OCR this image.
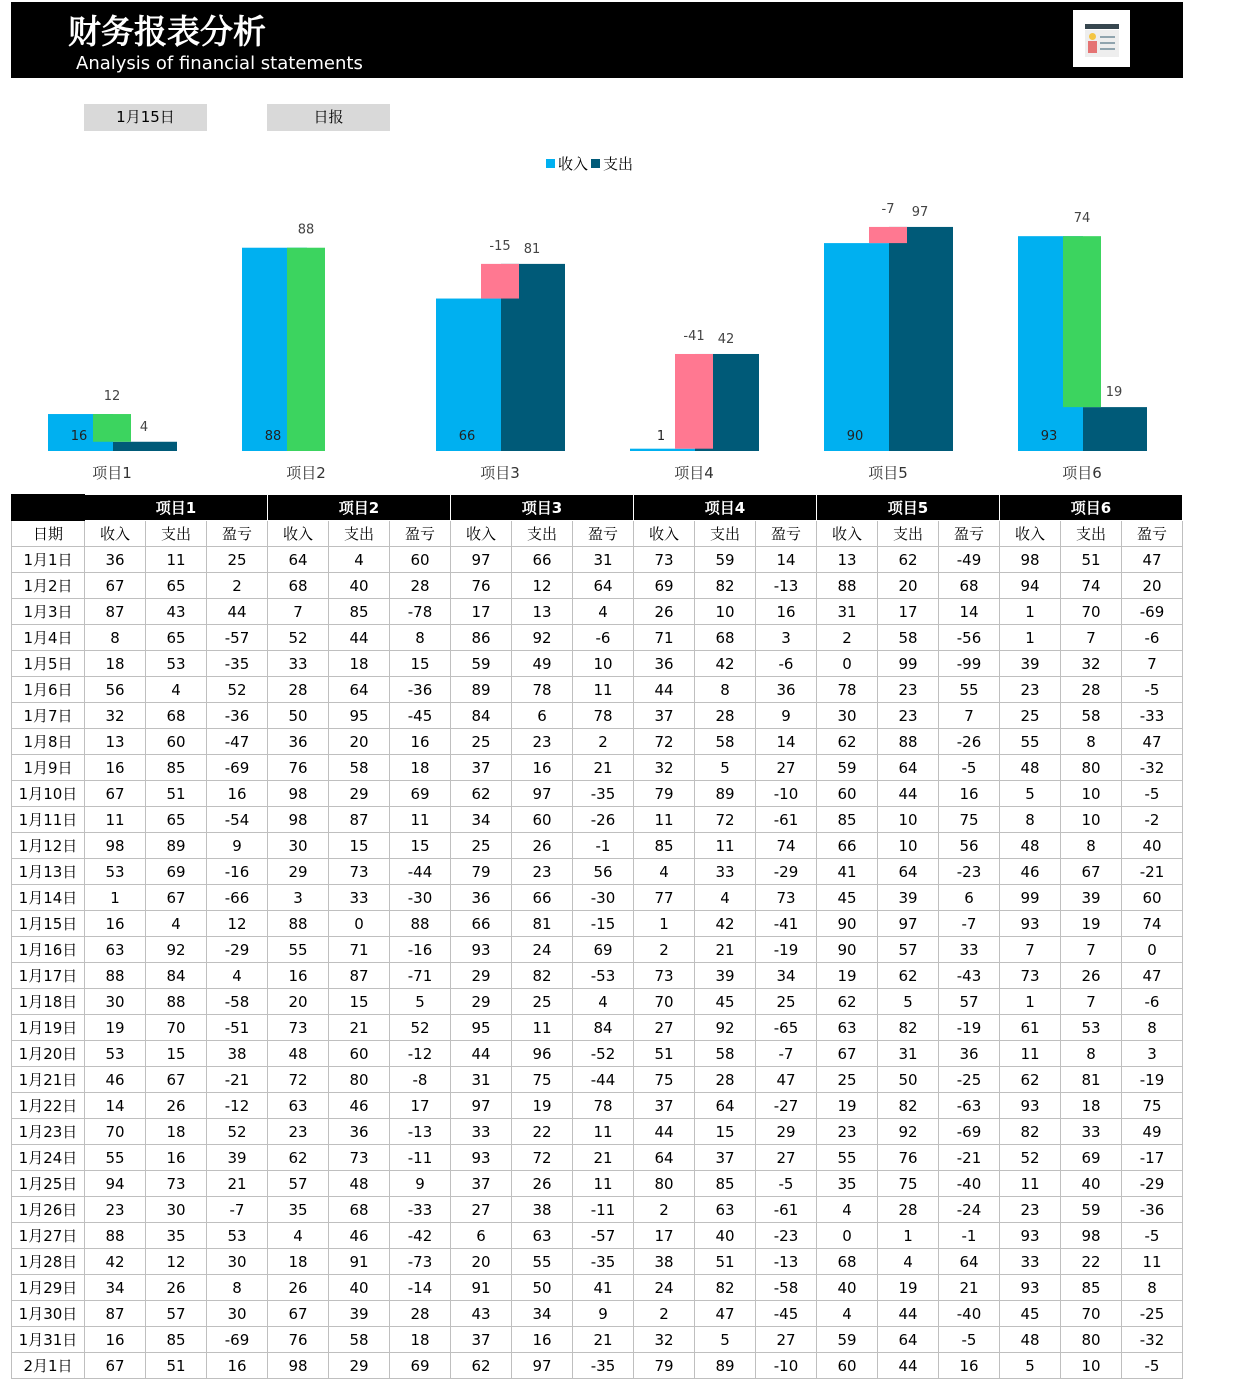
财务报表分析
Analysis of financial statements
1月15日	日报
收入 支出
16
12
4
项目1
88
88
项目2
66
-15 81
项目3
1
-41 42
项目4
90
-7 97
项目5
93
74
19
项目6
	项目1			项目2			项目3			项目4			项目5			项目6		
日期	收入	支出	盈亏	收入	支出	盈亏	收入	支出	盈亏	收入	支出	盈亏	收入	支出	盈亏	收入	支出	盈亏
1月1日	36	11	25	64	4	60	97	66	31	73	59	14	13	62	-49	98	51	47
1月2日	67	65	2	68	40	28	76	12	64	69	82	-13	88	20	68	94	74	20
1月3日	87	43	44	7	85	-78	17	13	4	26	10	16	31	17	14	1	70	-69
1月4日	8	65	-57	52	44	8	86	92	-6	71	68	3	2	58	-56	1	7	-6
1月5日	18	53	-35	33	18	15	59	49	10	36	42	-6	0	99	-99	39	32	7
1月6日	56	4	52	28	64	-36	89	78	11	44	8	36	78	23	55	23	28	-5
1月7日	32	68	-36	50	95	-45	84	6	78	37	28	9	30	23	7	25	58	-33
1月8日	13	60	-47	36	20	16	25	23	2	72	58	14	62	88	-26	55	8	47
1月9日	16	85	-69	76	58	18	37	16	21	32	5	27	59	64	-5	48	80	-32
1月10日	67	51	16	98	29	69	62	97	-35	79	89	-10	60	44	16	5	10	-5
1月11日	11	65	-54	98	87	11	34	60	-26	11	72	-61	85	10	75	8	10	-2
1月12日	98	89	9	30	15	15	25	26	-1	85	11	74	66	10	56	48	8	40
1月13日	53	69	-16	29	73	-44	79	23	56	4	33	-29	41	64	-23	46	67	-21
1月14日	1	67	-66	3	33	-30	36	66	-30	77	4	73	45	39	6	99	39	60
1月15日	16	4	12	88	0	88	66	81	-15	1	42	-41	90	97	-7	93	19	74
1月16日	63	92	-29	55	71	-16	93	24	69	2	21	-19	90	57	33	7	7	0
1月17日	88	84	4	16	87	-71	29	82	-53	73	39	34	19	62	-43	73	26	47
1月18日	30	88	-58	20	15	5	29	25	4	70	45	25	62	5	57	1	7	-6
1月19日	19	70	-51	73	21	52	95	11	84	27	92	-65	63	82	-19	61	53	8
1月20日	53	15	38	48	60	-12	44	96	-52	51	58	-7	67	31	36	11	8	3
1月21日	46	67	-21	72	80	-8	31	75	-44	75	28	47	25	50	-25	62	81	-19
1月22日	14	26	-12	63	46	17	97	19	78	37	64	-27	19	82	-63	93	18	75
1月23日	70	18	52	23	36	-13	33	22	11	44	15	29	23	92	-69	82	33	49
1月24日	55	16	39	62	73	-11	93	72	21	64	37	27	55	76	-21	52	69	-17
1月25日	94	73	21	57	48	9	37	26	11	80	85	-5	35	75	-40	11	40	-29
1月26日	23	30	-7	35	68	-33	27	38	-11	2	63	-61	4	28	-24	23	59	-36
1月27日	88	35	53	4	46	-42	6	63	-57	17	40	-23	0	1	-1	93	98	-5
1月28日	42	12	30	18	91	-73	20	55	-35	38	51	-13	68	4	64	33	22	11
1月29日	34	26	8	26	40	-14	91	50	41	24	82	-58	40	19	21	93	85	8
1月30日	87	57	30	67	39	28	43	34	9	2	47	-45	4	44	-40	45	70	-25
1月31日	16	85	-69	76	58	18	37	16	21	32	5	27	59	64	-5	48	80	-32
2月1日	67	51	16	98	29	69	62	97	-35	79	89	-10	60	44	16	5	10	-5
